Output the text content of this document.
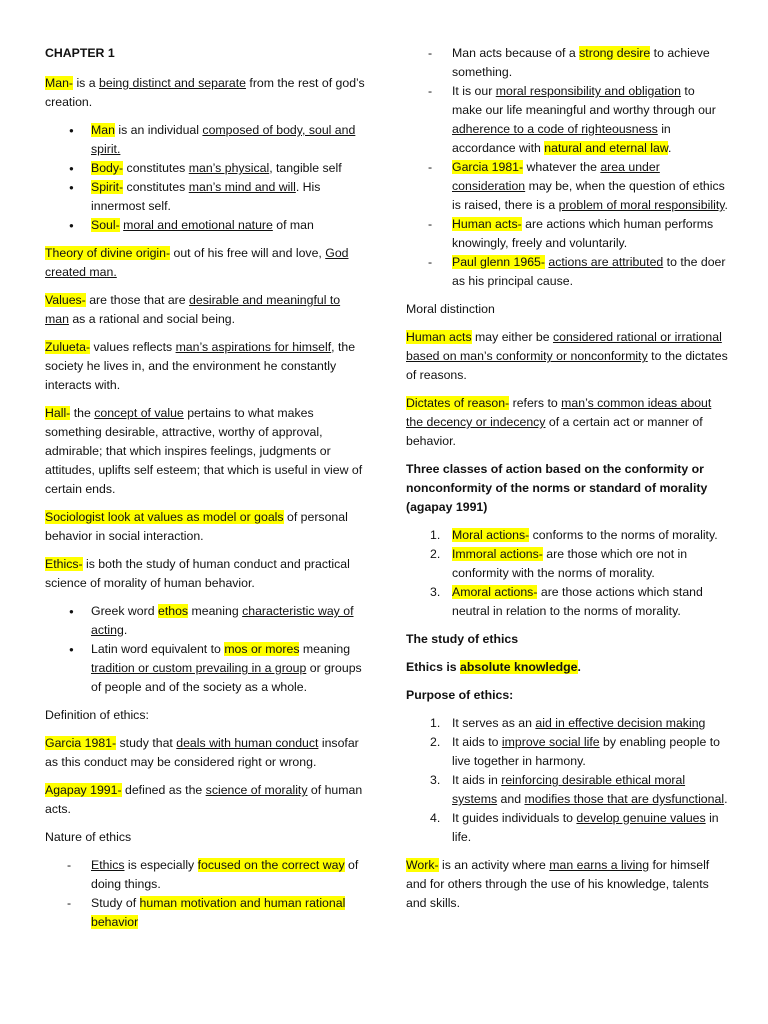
CHAPTER 1

Man- is a being distinct and separate from the rest of god’s creation.

● Man is an individual composed of body, soul and spirit.
● Body- constitutes man’s physical, tangible self
● Spirit- constitutes man’s mind and will. His innermost self.
● Soul- moral and emotional nature of man

Theory of divine origin- out of his free will and love, God created man.

Values- are those that are desirable and meaningful to man as a rational and social being.

Zulueta- values reflects man’s aspirations for himself, the society he lives in, and the environment he constantly interacts with.

Hall- the concept of value pertains to what makes something desirable, attractive, worthy of approval, admirable; that which inspires feelings, judgments or attitudes, uplifts self esteem; that which is useful in view of certain ends.

Sociologist look at values as model or goals of personal behavior in social interaction.

Ethics- is both the study of human conduct and practical science of morality of human behavior.

● Greek word ethos meaning characteristic way of acting.
● Latin word equivalent to mos or mores meaning tradition or custom prevailing in a group or groups of people and of the society as a whole.

Definition of ethics:

Garcia 1981- study that deals with human conduct insofar as this conduct may be considered right or wrong.

Agapay 1991- defined as the science of morality of human acts.

Nature of ethics

- Ethics is especially focused on the correct way of doing things.
- Study of human motivation and human rational behavior
- Man acts because of a strong desire to achieve something.
- It is our moral responsibility and obligation to make our life meaningful and worthy through our adherence to a code of righteousness in accordance with natural and eternal law.
- Garcia 1981- whatever the area under consideration may be, when the question of ethics is raised, there is a problem of moral responsibility.
- Human acts- are actions which human performs knowingly, freely and voluntarily.
- Paul glenn 1965- actions are attributed to the doer as his principal cause.

Moral distinction

Human acts may either be considered rational or irrational based on man’s conformity or nonconformity to the dictates of reasons.

Dictates of reason- refers to man’s common ideas about the decency or indecency of a certain act or manner of behavior.

Three classes of action based on the conformity or nonconformity of the norms or standard of morality (agapay 1991)

1. Moral actions- conforms to the norms of morality.
2. Immoral actions- are those which ore not in conformity with the norms of morality.
3. Amoral actions- are those actions which stand neutral in relation to the norms of morality.

The study of ethics

Ethics is absolute knowledge.

Purpose of ethics:

1. It serves as an aid in effective decision making
2. It aids to improve social life by enabling people to live together in harmony.
3. It aids in reinforcing desirable ethical moral systems and modifies those that are dysfunctional.
4. It guides individuals to develop genuine values in life.

Work- is an activity where man earns a living for himself and for others through the use of his knowledge, talents and skills.
